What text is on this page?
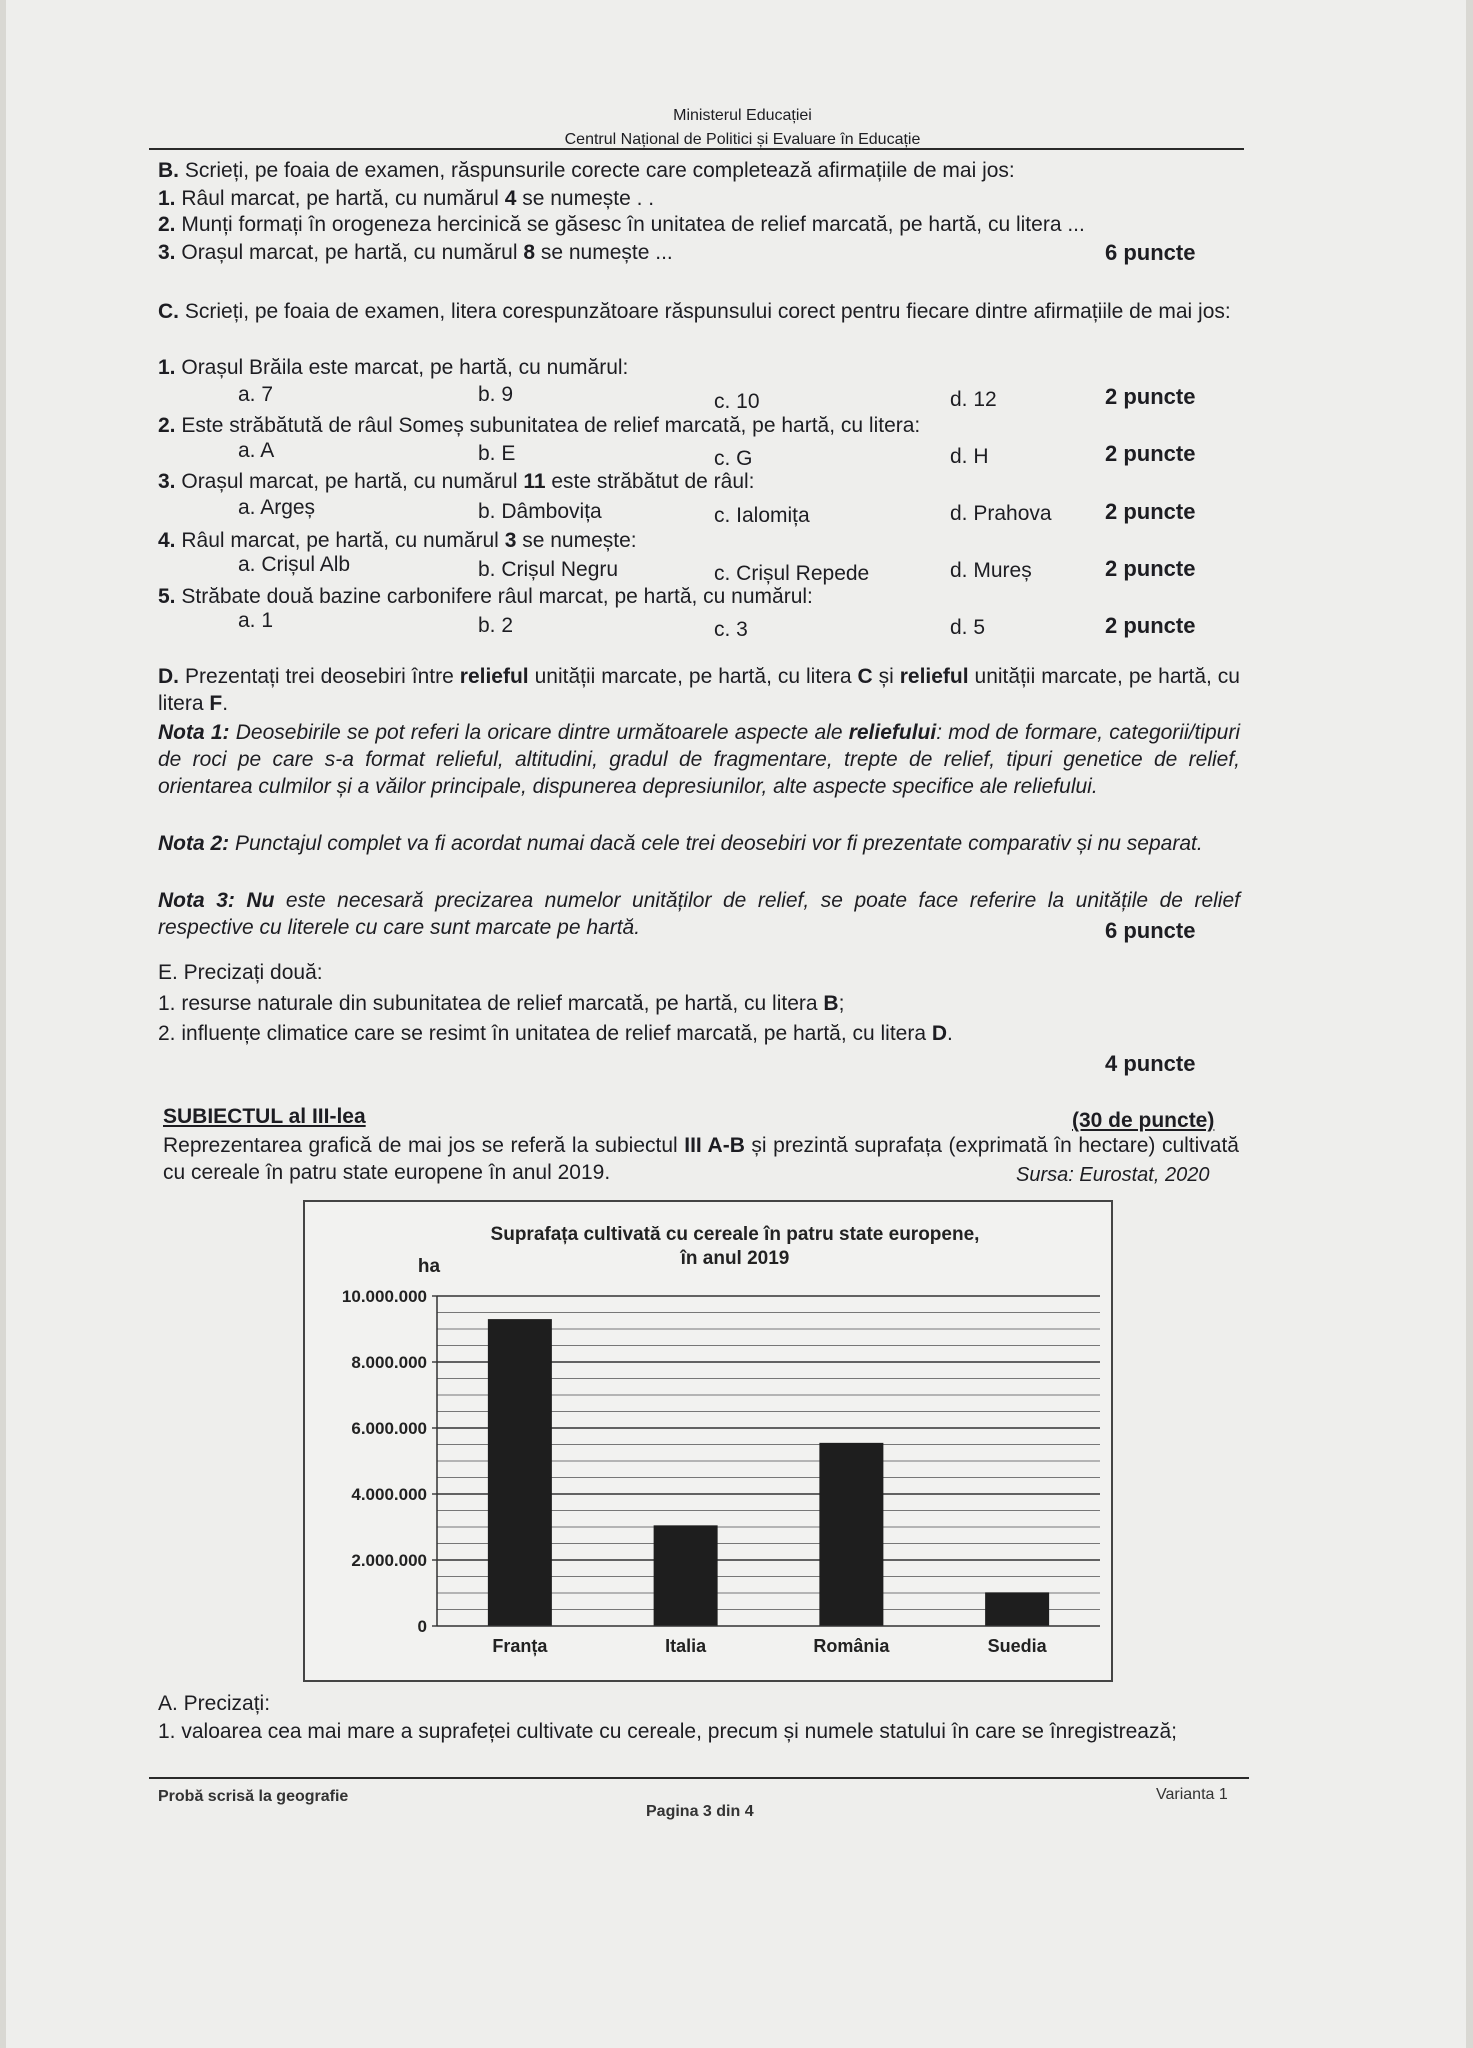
Ministerul Educației
Centrul Național de Politici și Evaluare în Educație
B. Scrieți, pe foaia de examen, răspunsurile corecte care completează afirmațiile de mai jos:
1. Râul marcat, pe hartă, cu numărul 4 se numește . .
2. Munți formați în orogeneza hercinică se găsesc în unitatea de relief marcată, pe hartă, cu litera ...
3. Orașul marcat, pe hartă, cu numărul 8 se numește ...	6 puncte
C. Scrieți, pe foaia de examen, litera corespunzătoare răspunsului corect pentru fiecare dintre afirmațiile de mai jos:
1. Orașul Brăila este marcat, pe hartă, cu numărul:
a. 7	b. 9	c. 10	d. 12	2 puncte
2. Este străbătută de râul Someș subunitatea de relief marcată, pe hartă, cu litera:
a. A	b. E	c. G	d. H	2 puncte
3. Orașul marcat, pe hartă, cu numărul 11 este străbătut de râul:
a. Argeș	b. Dâmbovița	c. Ialomița	d. Prahova 2 puncte
4. Râul marcat, pe hartă, cu numărul 3 se numește:
a. Crișul Alb	b. Crișul Negru	c. Crișul Repede	d. Mureș	2 puncte
5. Străbate două bazine carbonifere râul marcat, pe hartă, cu numărul:
a. 1	b. 2	c. 3	d. 5	2 puncte
D. Prezentați trei deosebiri între relieful unității marcate, pe hartă, cu litera C și relieful unității marcate, pe hartă, cu litera F.
Nota 1: Deosebirile se pot referi la oricare dintre următoarele aspecte ale reliefului: mod de formare, categorii/tipuri de roci pe care s-a format relieful, altitudini, gradul de fragmentare, trepte de relief, tipuri genetice de relief, orientarea culmilor și a văilor principale, dispunerea depresiunilor, alte aspecte specifice ale reliefului.
Nota 2: Punctajul complet va fi acordat numai dacă cele trei deosebiri vor fi prezentate comparativ și nu separat.
Nota 3: Nu este necesară precizarea numelor unităților de relief, se poate face referire la unitățile de relief respective cu literele cu care sunt marcate pe hartă.	6 puncte
E. Precizați două:
1. resurse naturale din subunitatea de relief marcată, pe hartă, cu litera B;
2. influențe climatice care se resimt în unitatea de relief marcată, pe hartă, cu litera D.
4 puncte
SUBIECTUL al III-lea	(30 de puncte)
Reprezentarea grafică de mai jos se referă la subiectul III A-B și prezintă suprafața (exprimată în hectare) cultivată cu cereale în patru state europene în anul 2019.	Sursa: Eurostat, 2020
Suprafața cultivată cu cereale în patru state europene,
în anul 2019
ha
0
2.000.000
4.000.000
6.000.000
8.000.000
10.000.000
Franța	Italia	România	Suedia
A. Precizați:
1. valoarea cea mai mare a suprafeței cultivate cu cereale, precum și numele statului în care se înregistrează;
Probă scrisă la geografie
Pagina 3 din 4
Varianta 1
